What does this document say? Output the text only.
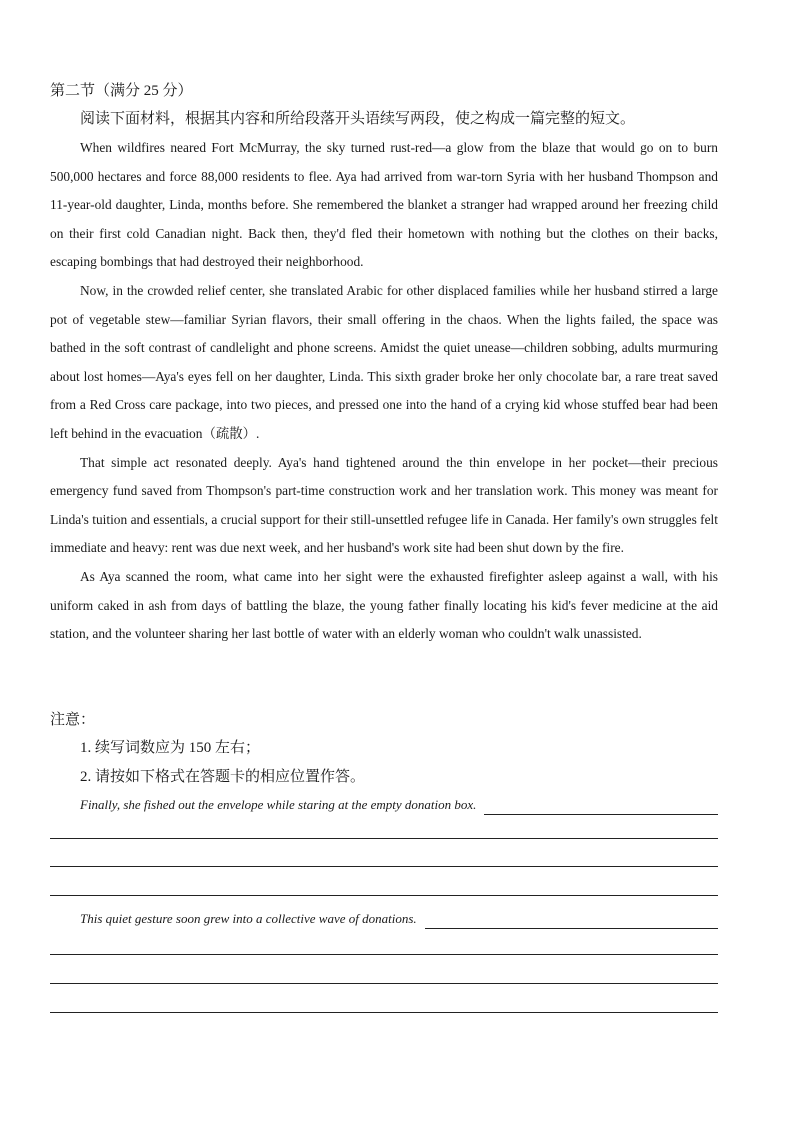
第二节（满分 25 分）
阅读下面材料，根据其内容和所给段落开头语续写两段，使之构成一篇完整的短文。

When wildfires neared Fort McMurray, the sky turned rust-red—a glow from the blaze that would go on to burn 500,000 hectares and force 88,000 residents to flee. Aya had arrived from war-torn Syria with her husband Thompson and 11-year-old daughter, Linda, months before. She remembered the blanket a stranger had wrapped around her freezing child on their first cold Canadian night. Back then, they'd fled their hometown with nothing but the clothes on their backs, escaping bombings that had destroyed their neighborhood.

Now, in the crowded relief center, she translated Arabic for other displaced families while her husband stirred a large pot of vegetable stew—familiar Syrian flavors, their small offering in the chaos. When the lights failed, the space was bathed in the soft contrast of candlelight and phone screens. Amidst the quiet unease—children sobbing, adults murmuring about lost homes—Aya's eyes fell on her daughter, Linda. This sixth grader broke her only chocolate bar, a rare treat saved from a Red Cross care package, into two pieces, and pressed one into the hand of a crying kid whose stuffed bear had been left behind in the evacuation（疏散）.

That simple act resonated deeply. Aya's hand tightened around the thin envelope in her pocket—their precious emergency fund saved from Thompson's part-time construction work and her translation work. This money was meant for Linda's tuition and essentials, a crucial support for their still-unsettled refugee life in Canada. Her family's own struggles felt immediate and heavy: rent was due next week, and her husband's work site had been shut down by the fire.

As Aya scanned the room, what came into her sight were the exhausted firefighter asleep against a wall, with his uniform caked in ash from days of battling the blaze, the young father finally locating his kid's fever medicine at the aid station, and the volunteer sharing her last bottle of water with an elderly woman who couldn't walk unassisted.

注意：
1. 续写词数应为 150 左右；
2. 请按如下格式在答题卡的相应位置作答。
Finally, she fished out the envelope while staring at the empty donation box.
This quiet gesture soon grew into a collective wave of donations.
